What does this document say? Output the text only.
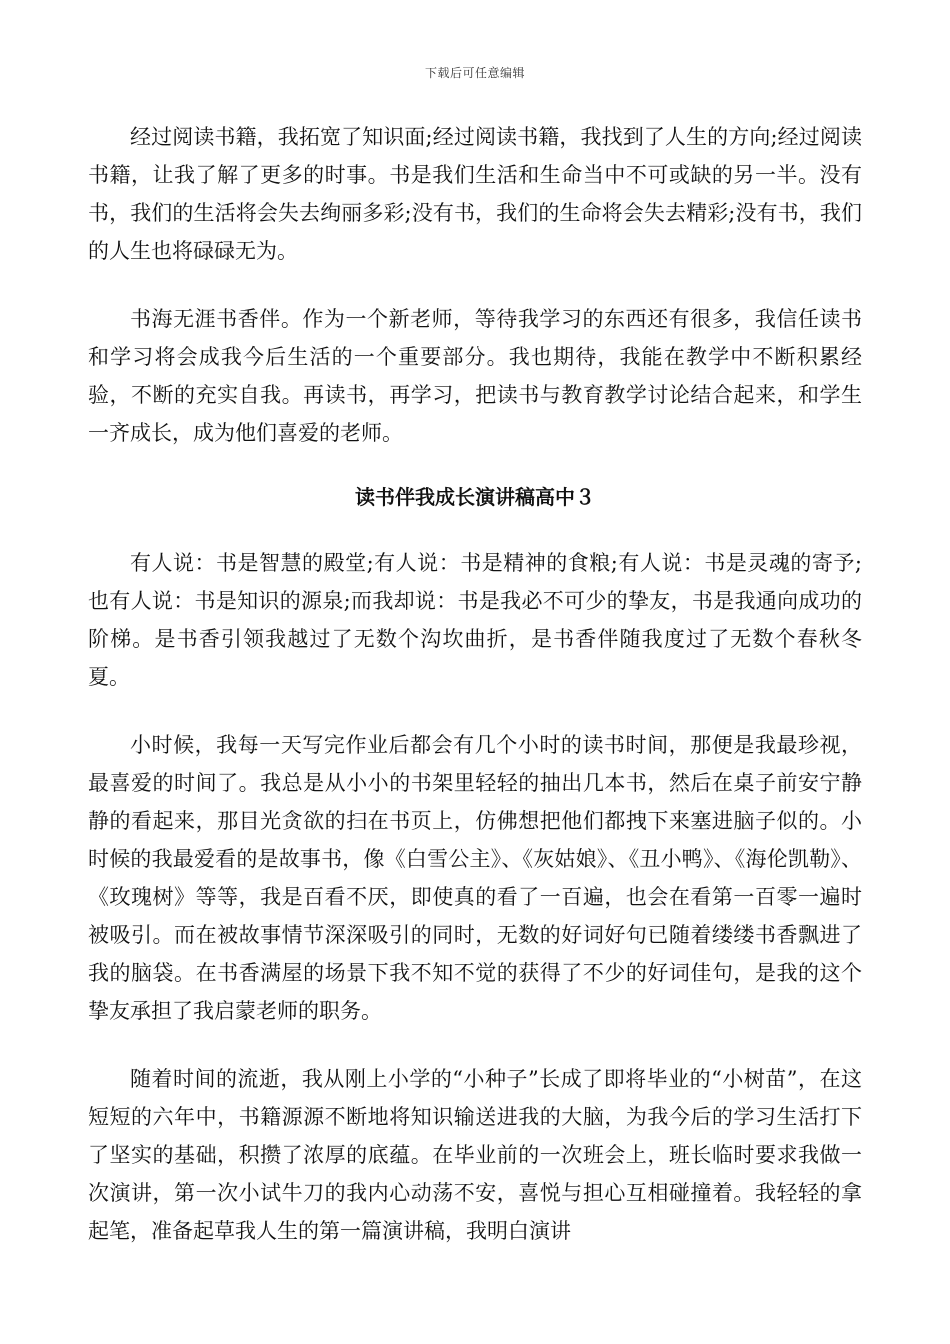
下载后可任意编辑

经过阅读书籍，我拓宽了知识面;经过阅读书籍，我找到了人生的方向;经过阅读书籍，让我了解了更多的时事。书是我们生活和生命当中不可或缺的另一半。没有书，我们的生活将会失去绚丽多彩;没有书，我们的生命将会失去精彩;没有书，我们的人生也将碌碌无为。

书海无涯书香伴。作为一个新老师，等待我学习的东西还有很多，我信任读书和学习将会成我今后生活的一个重要部分。我也期待，我能在教学中不断积累经验，不断的充实自我。再读书，再学习，把读书与教育教学讨论结合起来，和学生一齐成长，成为他们喜爱的老师。

读书伴我成长演讲稿高中３

有人说：书是智慧的殿堂;有人说：书是精神的食粮;有人说：书是灵魂的寄予;也有人说：书是知识的源泉;而我却说：书是我必不可少的挚友，书是我通向成功的阶梯。是书香引领我越过了无数个沟坎曲折，是书香伴随我度过了无数个春秋冬夏。

小时候，我每一天写完作业后都会有几个小时的读书时间，那便是我最珍视，最喜爱的时间了。我总是从小小的书架里轻轻的抽出几本书，然后在桌子前安宁静静的看起来，那目光贪欲的扫在书页上，仿佛想把他们都拽下来塞进脑子似的。小时候的我最爱看的是故事书，像《白雪公主》、《灰姑娘》、《丑小鸭》、《海伦凯勒》、《玫瑰树》等等，我是百看不厌，即使真的看了一百遍，也会在看第一百零一遍时被吸引。而在被故事情节深深吸引的同时，无数的好词好句已随着缕缕书香飘进了我的脑袋。在书香满屋的场景下我不知不觉的获得了不少的好词佳句，是我的这个挚友承担了我启蒙老师的职务。

随着时间的流逝，我从刚上小学的“小种子”长成了即将毕业的“小树苗”，在这短短的六年中，书籍源源不断地将知识输送进我的大脑，为我今后的学习生活打下了坚实的基础，积攒了浓厚的底蕴。在毕业前的一次班会上，班长临时要求我做一次演讲，第一次小试牛刀的我内心动荡不安，喜悦与担心互相碰撞着。我轻轻的拿起笔，准备起草我人生的第一篇演讲稿，我明白演讲
